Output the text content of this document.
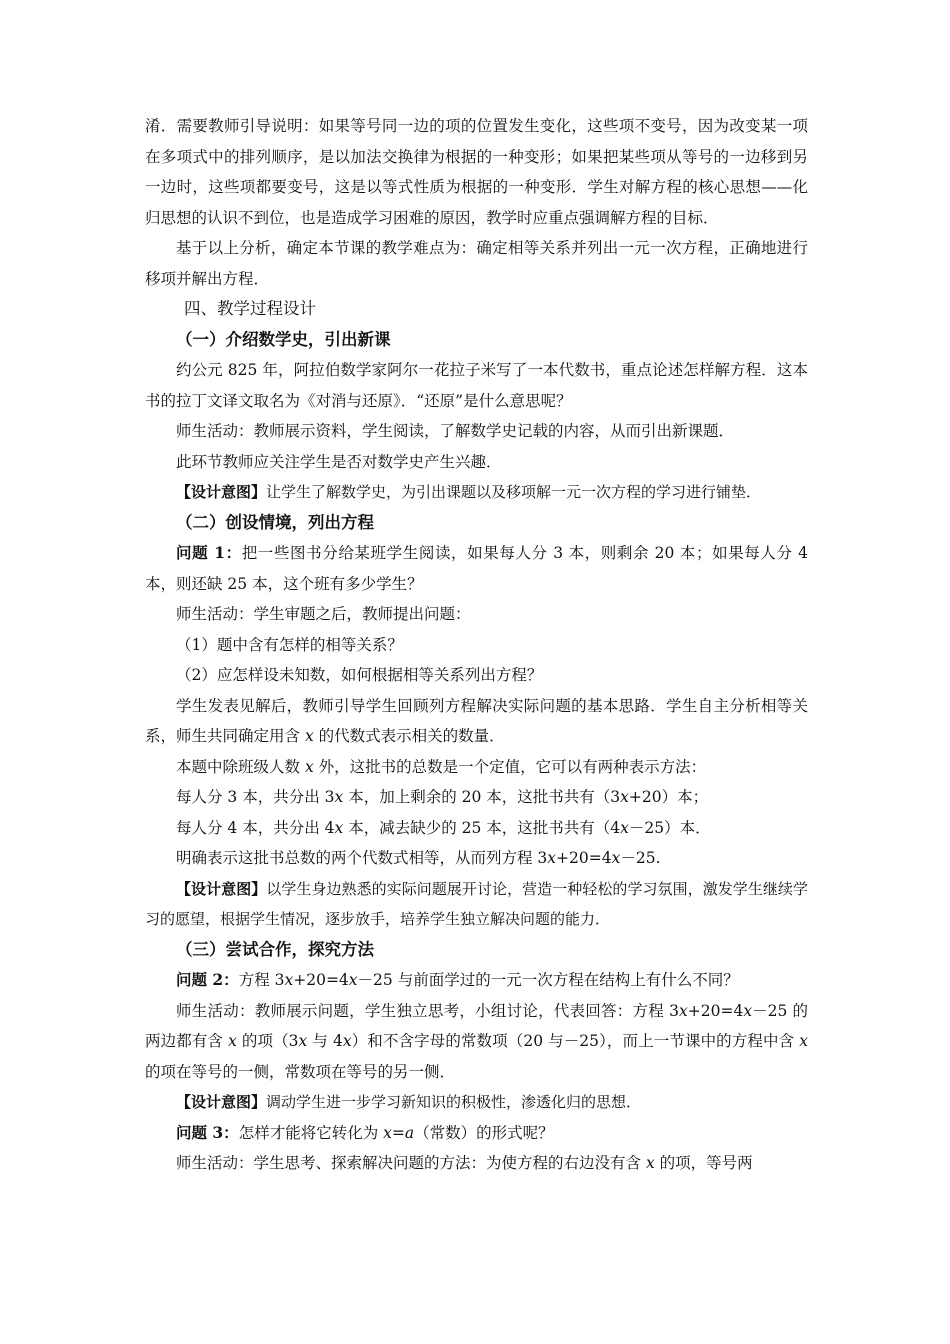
淆．需要教师引导说明：如果等号同一边的项的位置发生变化，这些项不变号，因为改变某一项在多项式中的排列顺序，是以加法交换律为根据的一种变形；如果把某些项从等号的一边移到另一边时，这些项都要变号，这是以等式性质为根据的一种变形．学生对解方程的核心思想——化归思想的认识不到位，也是造成学习困难的原因，教学时应重点强调解方程的目标．

基于以上分析，确定本节课的教学难点为：确定相等关系并列出一元一次方程，正确地进行移项并解出方程．

四、教学过程设计

（一）介绍数学史，引出新课

约公元 825 年，阿拉伯数学家阿尔一花拉子米写了一本代数书，重点论述怎样解方程．这本书的拉丁文译文取名为《对消与还原》．“还原”是什么意思呢？

师生活动：教师展示资料，学生阅读，了解数学史记载的内容，从而引出新课题．

此环节教师应关注学生是否对数学史产生兴趣．

【设计意图】让学生了解数学史，为引出课题以及移项解一元一次方程的学习进行铺垫．

（二）创设情境，列出方程

问题 1：把一些图书分给某班学生阅读，如果每人分 3 本，则剩余 20 本；如果每人分 4 本，则还缺 25 本，这个班有多少学生？

师生活动：学生审题之后，教师提出问题：

（1）题中含有怎样的相等关系？

（2）应怎样设未知数，如何根据相等关系列出方程？

学生发表见解后，教师引导学生回顾列方程解决实际问题的基本思路．学生自主分析相等关系，师生共同确定用含 x 的代数式表示相关的数量．

本题中除班级人数 x 外，这批书的总数是一个定值，它可以有两种表示方法：

每人分 3 本，共分出 3x 本，加上剩余的 20 本，这批书共有（3x+20）本；

每人分 4 本，共分出 4x 本，减去缺少的 25 本，这批书共有（4x－25）本．

明确表示这批书总数的两个代数式相等，从而列方程 3x+20=4x－25.

【设计意图】以学生身边熟悉的实际问题展开讨论，营造一种轻松的学习氛围，激发学生继续学习的愿望，根据学生情况，逐步放手，培养学生独立解决问题的能力．

（三）尝试合作，探究方法

问题 2：方程 3x+20=4x－25 与前面学过的一元一次方程在结构上有什么不同？

师生活动：教师展示问题，学生独立思考，小组讨论，代表回答：方程 3x+20=4x－25 的两边都有含 x 的项（3x 与 4x）和不含字母的常数项（20 与－25），而上一节课中的方程中含 x 的项在等号的一侧，常数项在等号的另一侧．

【设计意图】调动学生进一步学习新知识的积极性，渗透化归的思想．

问题 3：怎样才能将它转化为 x=a（常数）的形式呢？

师生活动：学生思考、探索解决问题的方法：为使方程的右边没有含 x 的项，等号两
